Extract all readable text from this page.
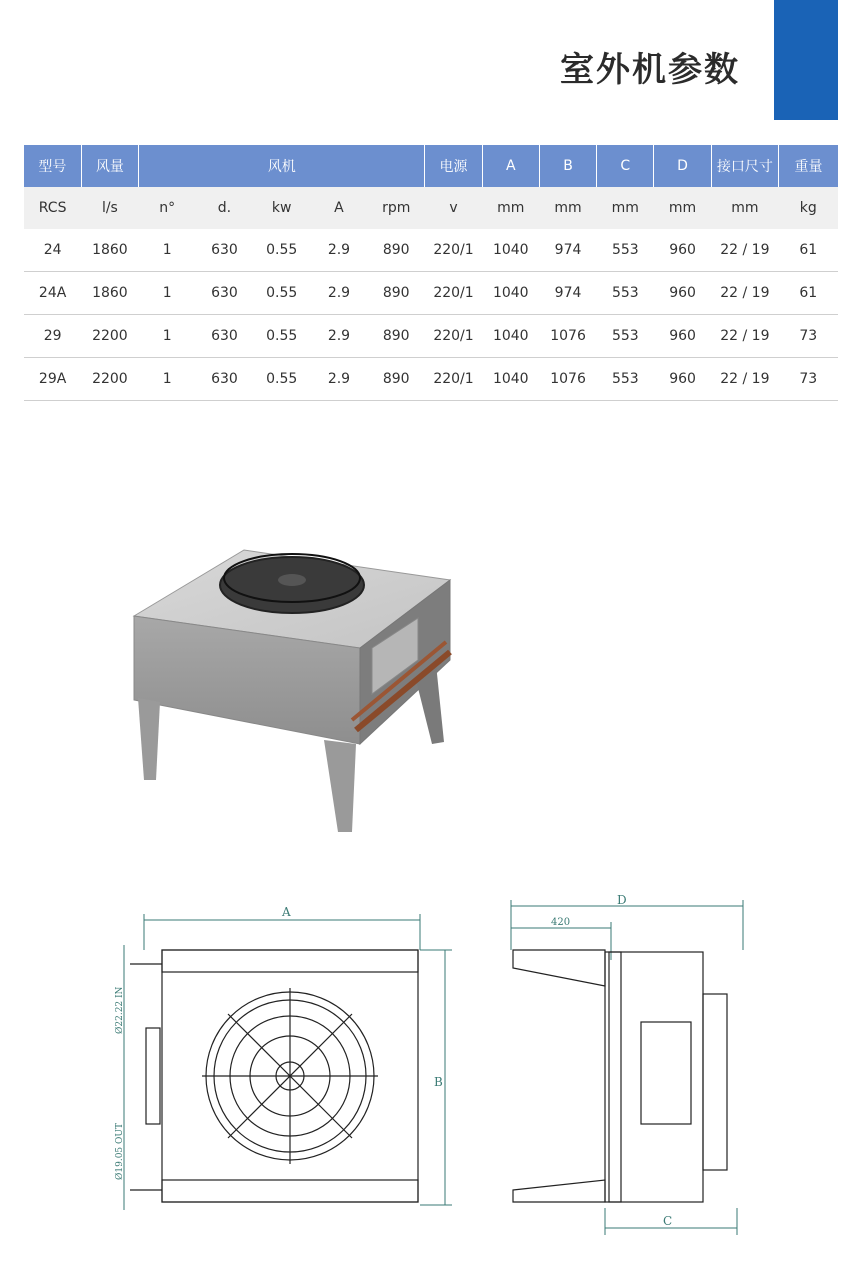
室外机参数
型号	风量	风机					电源	A	B	C	D	接口尺寸	重量
RCS	l/s	n°	d.	kw	A	rpm	v	mm	mm	mm	mm	mm	kg
24	1860	1	630	0.55	2.9	890	220/1	1040	974	553	960	22 / 19	61
24A	1860	1	630	0.55	2.9	890	220/1	1040	974	553	960	22 / 19	61
29	2200	1	630	0.55	2.9	890	220/1	1040	1076	553	960	22 / 19	73
29A	2200	1	630	0.55	2.9	890	220/1	1040	1076	553	960	22 / 19	73
A
B
Ø22.22 IN
Ø19.05 OUT
D
420
C
